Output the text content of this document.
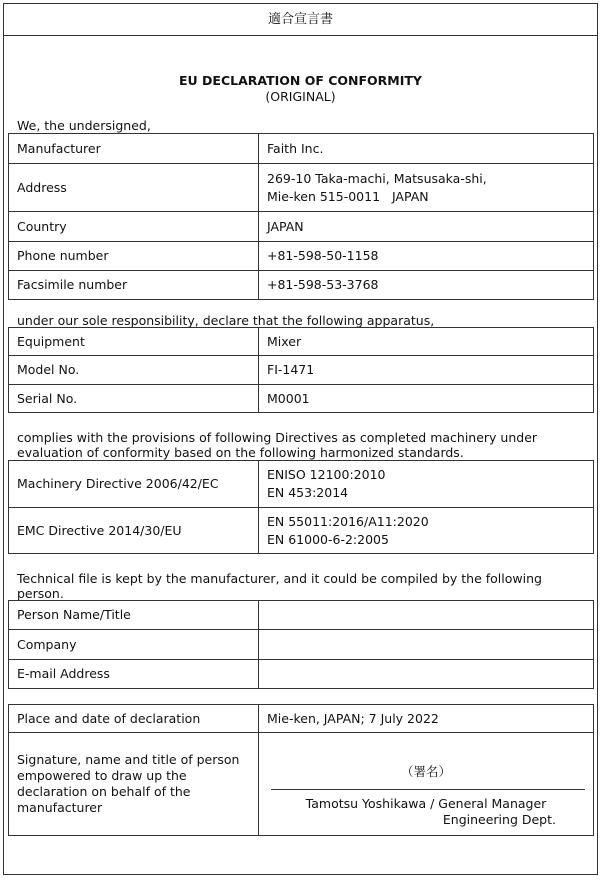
適合宣言書
EU DECLARATION OF CONFORMITY
(ORIGINAL)
We, the undersigned,
Manufacturer	Faith Inc.
Address	269-10 Taka-machi, Matsusaka-shi,
Mie-ken 515-0011   JAPAN

Country	JAPAN
Phone number	+81-598-50-1158
Facsimile number	+81-598-53-3768
under our sole responsibility, declare that the following apparatus,
Equipment	Mixer
Model No.	FI-1471
Serial No.	M0001
complies with the provisions of following Directives as completed machinery under evaluation of conformity based on the following harmonized standards.
Machinery Directive 2006/42/EC	ENISO 12100:2010
EN 453:2014

EMC Directive 2014/30/EU	EN 55011:2016/A11:2020
EN 61000-6-2:2005
Technical file is kept by the manufacturer, and it could be compiled by the following person.
Person Name/Title	
Company	
E-mail Address	
Place and date of declaration	Mie-ken, JAPAN; 7 July 2022
Signature, name and title of person empowered to draw up the declaration on behalf of the manufacturer	（署名）
Tamotsu Yoshikawa / General Manager
Engineering Dept.
